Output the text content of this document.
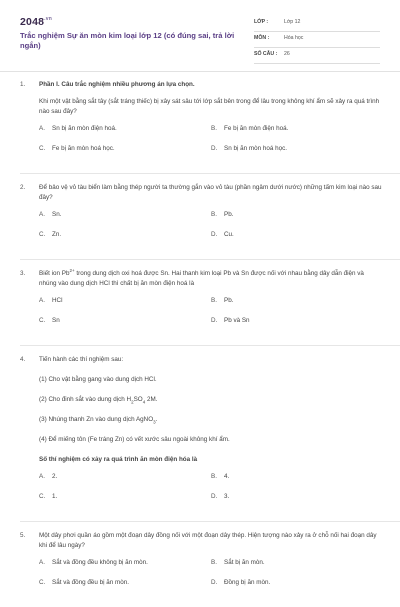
$2048^{.vn}$
Trắc nghiệm Sự ăn mòn kim loại lớp 12 (có đúng sai, trả lời ngắn)
LỚP :	Lớp 12
MÔN :	Hóa học
SỐ CÂU : 26
1. Phần I. Câu trắc nghiệm nhiều phương án lựa chọn.
Khi một vật bằng sắt tây (sắt tráng thiếc) bị xây sát sâu tới lớp sắt bên trong để lâu trong không khí ẩm sẽ xảy ra quá trình nào sau đây?
A. Sn bị ăn mòn điện hoá.	B. Fe bị ăn mòn điện hoá.
C. Fe bị ăn mòn hoá học.	D. Sn bị ăn mòn hoá học.
2. Để bảo vệ vỏ tàu biển làm bằng thép người ta thường gắn vào vỏ tàu (phần ngâm dưới nước) những tấm kim loại nào sau đây?
A. Sn.	B. Pb.
C. Zn.	D. Cu.
3. Biết ion $Pb^{2+}$ trong dung dịch oxi hoá được Sn. Hai thanh kim loại Pb và Sn được nối với nhau bằng dây dẫn điện và nhúng vào dung dịch HCl thì chất bị ăn mòn điện hoá là
A. HCl	B. Pb.
C. Sn	D. Pb và Sn
4. Tiến hành các thí nghiệm sau:
(1) Cho vật bằng gang vào dung dịch HCl.
(2) Cho đinh sắt vào dung dịch $H_2SO_4$ 2M.
(3) Nhúng thanh Zn vào dung dịch AgNO$_3$.
(4) Để miếng tôn (Fe tráng Zn) có vết xước sâu ngoài không khí ẩm.
Số thí nghiệm có xảy ra quá trình ăn mòn điện hóa là
A. 2.	B. 4.
C. 1.	D. 3.
5. Một dây phơi quần áo gồm một đoạn dây đồng nối với một đoạn dây thép. Hiện tượng nào xảy ra ở chỗ nối hai đoạn dây khi để lâu ngày?
A. Sắt và đồng đều không bị ăn mòn.	B. Sắt bị ăn mòn.
C. Sắt và đồng đều bị ăn mòn.	D. Đồng bị ăn mòn.
